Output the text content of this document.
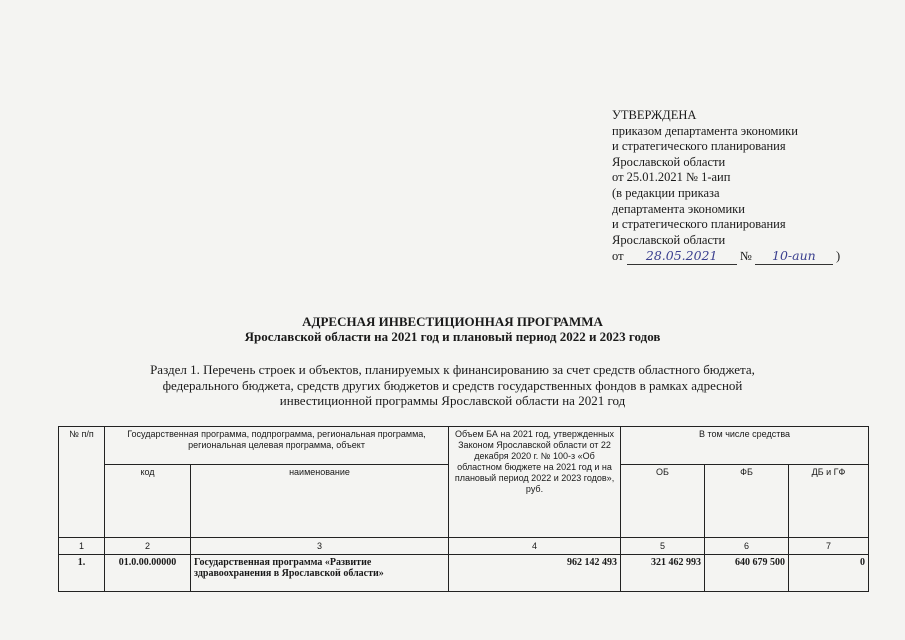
УТВЕРЖДЕНА
приказом департамента экономики
и стратегического планирования
Ярославской области
от 25.01.2021 № 1-аип
(в редакции приказа
департамента экономики
и стратегического планирования
Ярославской области
от 28.05.2021 № 10-аип )
АДРЕСНАЯ ИНВЕСТИЦИОННАЯ ПРОГРАММА
Ярославской области на 2021 год и плановый период 2022 и 2023 годов
Раздел 1. Перечень строек и объектов, планируемых к финансированию за счет средств областного бюджета,
федерального бюджета, средств других бюджетов и средств государственных фондов в рамках адресной
инвестиционной программы Ярославской области на 2021 год
№ п/п	Государственная программа, подпрограмма, региональная программа, региональная целевая программа, объект		Объем БА на 2021 год, утвержденных Законом Ярославской области от 22 декабря 2020 г. № 100-з «Об областном бюджете на 2021 год и на плановый период 2022 и 2023 годов», руб.	В том числе средства		
	код	наименование		ОБ	ФБ	ДБ и ГФ
1	2	3	4	5	6	7
1.	01.0.00.00000	Государственная программа «Развитие здравоохранения в Ярославской области»	962 142 493	321 462 993	640 679 500	0
